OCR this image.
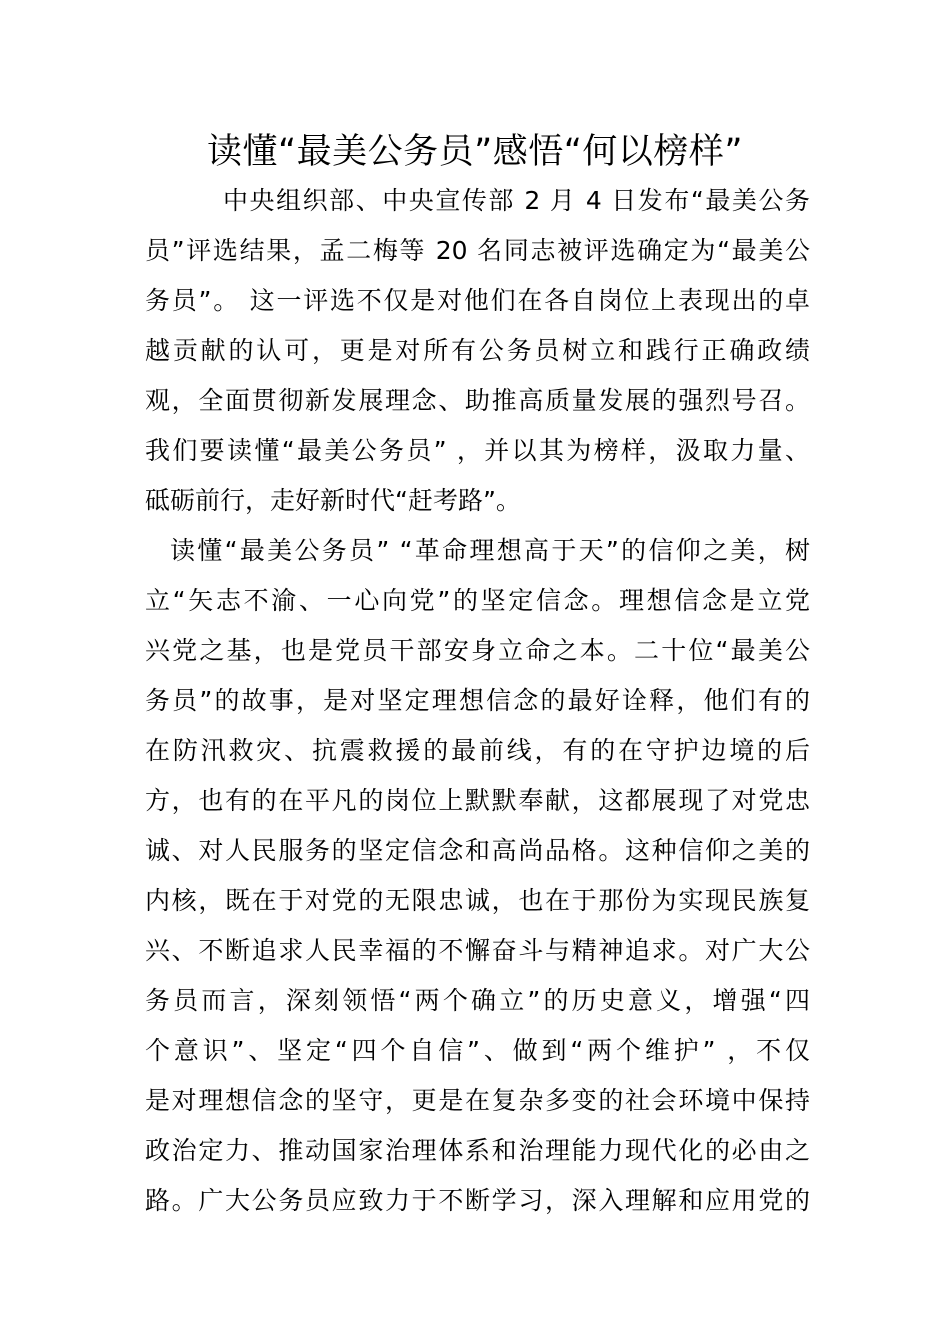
读懂“最美公务员”感悟“何以榜样”
中央组织部、中央宣传部 2 月 4 日发布“最美公务
员”评选结果，孟二梅等 20 名同志被评选确定为“最美公
务员”。 这一评选不仅是对他们在各自岗位上表现出的卓
越贡献的认可，更是对所有公务员树立和践行正确政绩
观，全面贯彻新发展理念、助推高质量发展的强烈号召。
我们要读懂“最美公务员” ，并以其为榜样，汲取力量、
砥砺前行，走好新时代“赶考路”。
读懂“最美公务员” “革命理想高于天”的信仰之美，树
立“矢志不渝、一心向党”的坚定信念。理想信念是立党
兴党之基，也是党员干部安身立命之本。二十位“最美公
务员”的故事，是对坚定理想信念的最好诠释，他们有的
在防汛救灾、抗震救援的最前线，有的在守护边境的后
方，也有的在平凡的岗位上默默奉献，这都展现了对党忠
诚、对人民服务的坚定信念和高尚品格。这种信仰之美的
内核，既在于对党的无限忠诚，也在于那份为实现民族复
兴、不断追求人民幸福的不懈奋斗与精神追求。对广大公
务员而言，深刻领悟“两个确立”的历史意义，增强“四
个意识”、坚定“四个自信”、做到“两个维护” ，不仅
是对理想信念的坚守，更是在复杂多变的社会环境中保持
政治定力、推动国家治理体系和治理能力现代化的必由之
路。广大公务员应致力于不断学习，深入理解和应用党的
